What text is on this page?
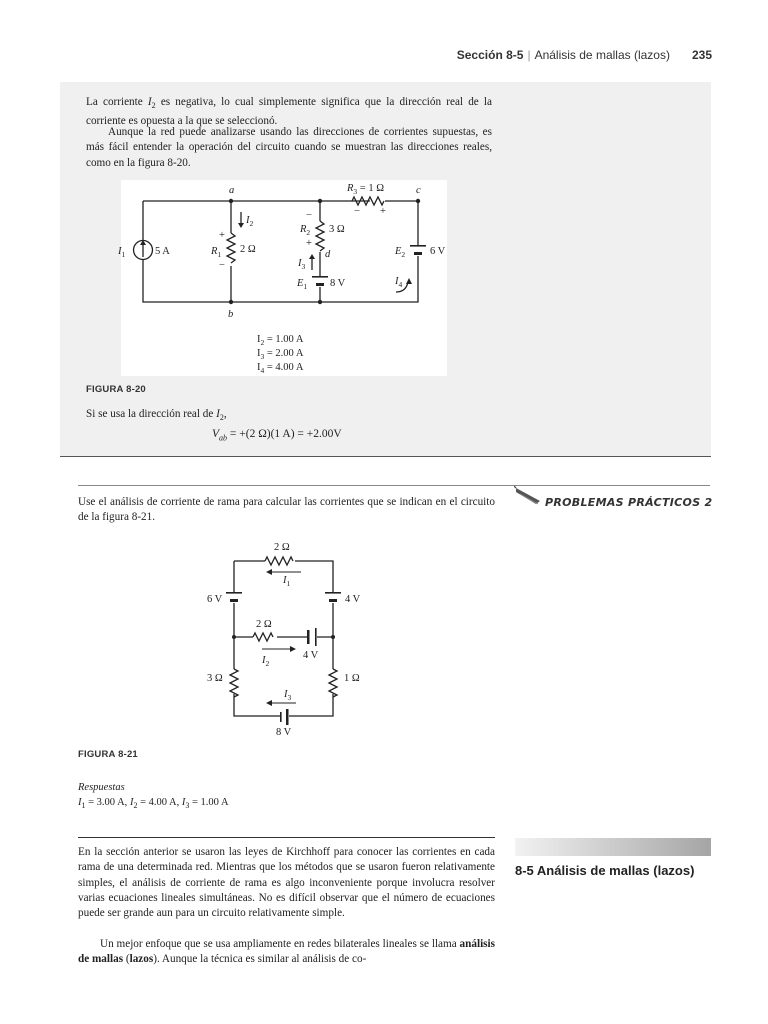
Sección 8-5 | Análisis de mallas (lazos) 235
La corriente $I_2$ es negativa, lo cual simplemente significa que la dirección real de la corriente es opuesta a la que se seleccionó.
Aunque la red puede analizarse usando las direcciones de corrientes supuestas, es más fácil entender la operación del circuito cuando se muestran las direcciones reales, como en la figura 8-20.
a
b
c
d
$I_1$	5 A	$R_1$ 2 Ω
+
−
$I_2$
$R_2$ 3 Ω
−
+
$I_3$
$E_1$ 8 V
$R_3 = 1$ Ω
− +
$E_2$ 6 V
$I_4$
$I_2 = 1.00$ A
$I_3 = 2.00$ A
$I_4 = 4.00$ A
FIGURA 8-20
Si se usa la dirección real de $I_2$,
$V_{ab} = +(2$ Ω)(1 A) = +2.00V
PROBLEMAS PRÁCTICOS 2
Use el análisis de corriente de rama para calcular las corrientes que se indican en el circuito de la figura 8-21.
2 Ω
$I_1$
6 V	4 V
2 Ω
4 V
$I_2$
3 Ω	1 Ω
$I_3$
8 V
FIGURA 8-21
Respuestas
$I_1 = 3.00$ A, $I_2 = 4.00$ A, $I_3 = 1.00$ A
8-5 Análisis de mallas (lazos)
En la sección anterior se usaron las leyes de Kirchhoff para conocer las corrientes en cada rama de una determinada red. Mientras que los métodos que se usaron fueron relativamente simples, el análisis de corriente de rama es algo inconveniente porque involucra resolver varias ecuaciones lineales simultáneas. No es difícil observar que el número de ecuaciones puede ser grande aun para un circuito relativamente simple.
Un mejor enfoque que se usa ampliamente en redes bilaterales lineales se llama análisis de mallas (lazos). Aunque la técnica es similar al análisis de co-
